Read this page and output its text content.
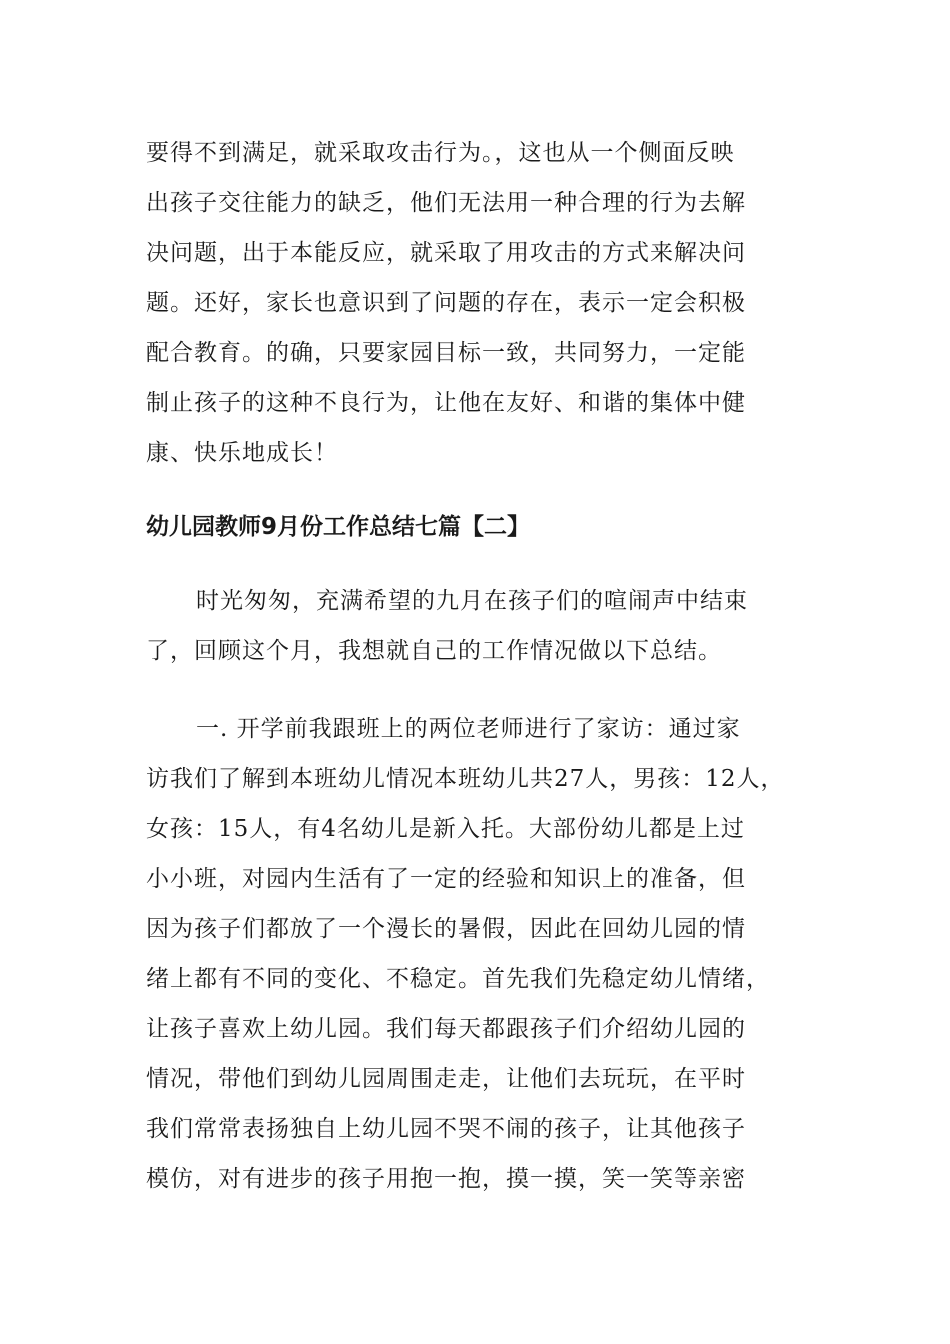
要得不到满足，就采取攻击行为。，这也从一个侧面反映
出孩子交往能力的缺乏，他们无法用一种合理的行为去解
决问题，出于本能反应，就采取了用攻击的方式来解决问
题。还好，家长也意识到了问题的存在，表示一定会积极
配合教育。的确，只要家园目标一致，共同努力，一定能
制止孩子的这种不良行为，让他在友好、和谐的集体中健
康、快乐地成长！
幼儿园教师9月份工作总结七篇【二】
时光匆匆，充满希望的九月在孩子们的喧闹声中结束
了，回顾这个月，我想就自己的工作情况做以下总结。
一. 开学前我跟班上的两位老师进行了家访：通过家
访我们了解到本班幼儿情况本班幼儿共27人，男孩：12人，
女孩：15人，有4名幼儿是新入托。大部份幼儿都是上过
小小班，对园内生活有了一定的经验和知识上的准备，但
因为孩子们都放了一个漫长的暑假，因此在回幼儿园的情
绪上都有不同的变化、不稳定。首先我们先稳定幼儿情绪，
让孩子喜欢上幼儿园。我们每天都跟孩子们介绍幼儿园的
情况，带他们到幼儿园周围走走，让他们去玩玩，在平时
我们常常表扬独自上幼儿园不哭不闹的孩子，让其他孩子
模仿，对有进步的孩子用抱一抱，摸一摸，笑一笑等亲密
